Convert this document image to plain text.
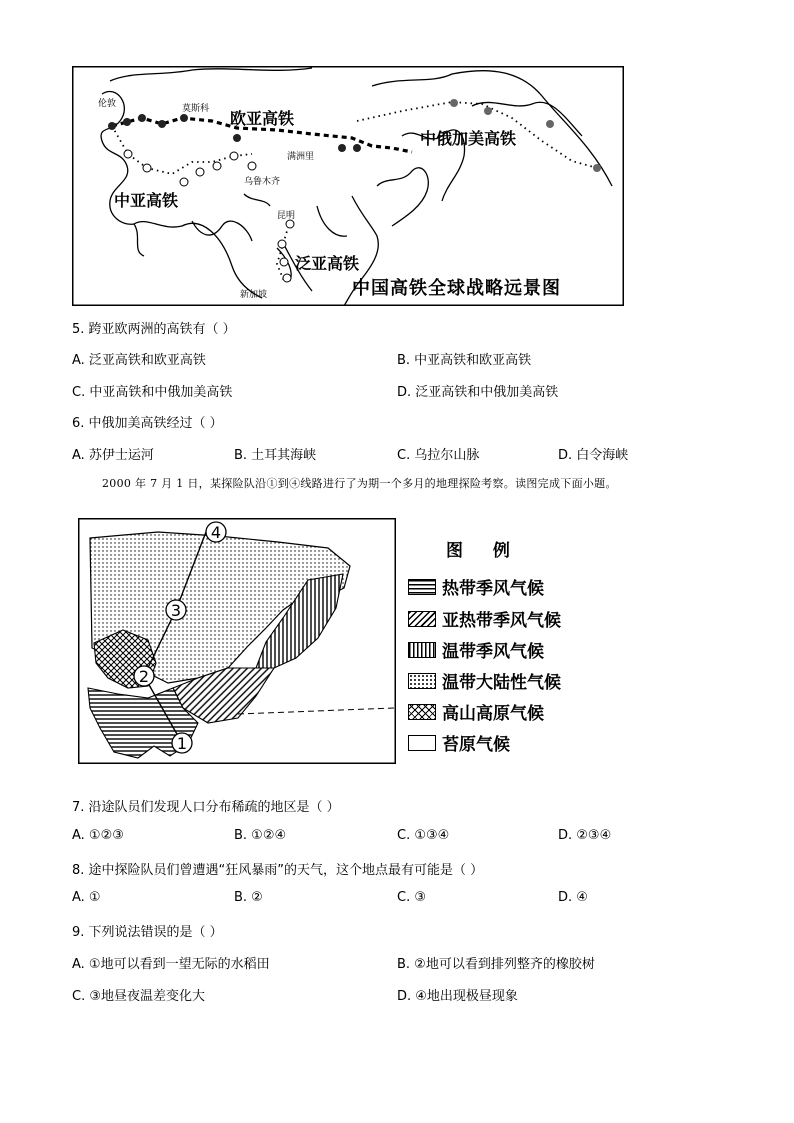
伦敦	莫斯科
满洲里
乌鲁木齐
昆明
新加坡
欧亚高铁
中亚高铁
泛亚高铁
中俄加美高铁
中国高铁全球战略远景图
5. 跨亚欧两洲的高铁有（ ）
A. 泛亚高铁和欧亚高铁	B. 中亚高铁和欧亚高铁
C. 中亚高铁和中俄加美高铁	D. 泛亚高铁和中俄加美高铁
6. 中俄加美高铁经过（ ）
A. 苏伊士运河	B. 土耳其海峡	C. 乌拉尔山脉	D. 白令海峡
2000 年 7 月 1 日，某探险队沿①到④线路进行了为期一个多月的地理探险考察。读图完成下面小题。
1
2
3
4
图 例
热带季风气候
亚热带季风气候
温带季风气候
温带大陆性气候
高山高原气候
苔原气候
7. 沿途队员们发现人口分布稀疏的地区是（ ）
A. ①②③	B. ①②④	C. ①③④	D. ②③④
8. 途中探险队员们曾遭遇“狂风暴雨”的天气，这个地点最有可能是（ ）
A. ①	B. ②	C. ③	D. ④
9. 下列说法错误的是（ ）
A. ①地可以看到一望无际的水稻田	B. ②地可以看到排列整齐的橡胶树
C. ③地昼夜温差变化大	D. ④地出现极昼现象
